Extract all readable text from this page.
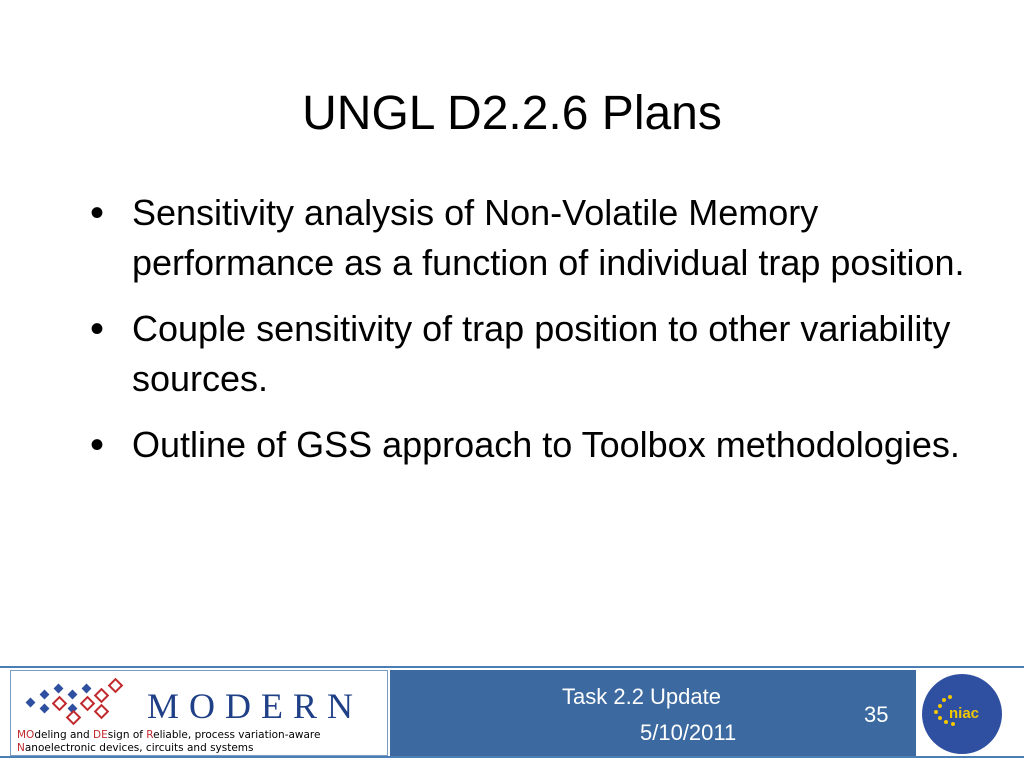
UNGL D2.2.6 Plans
• Sensitivity analysis of Non-Volatile Memory performance as a function of individual trap position.
• Couple sensitivity of trap position to other variability sources.
• Outline of GSS approach to Toolbox methodologies.
MODERN
MOdeling and DEsign of Reliable, process variation-aware
Nanoelectronic devices, circuits and systems
Task 2.2 Update
5/10/2011
35	niac
